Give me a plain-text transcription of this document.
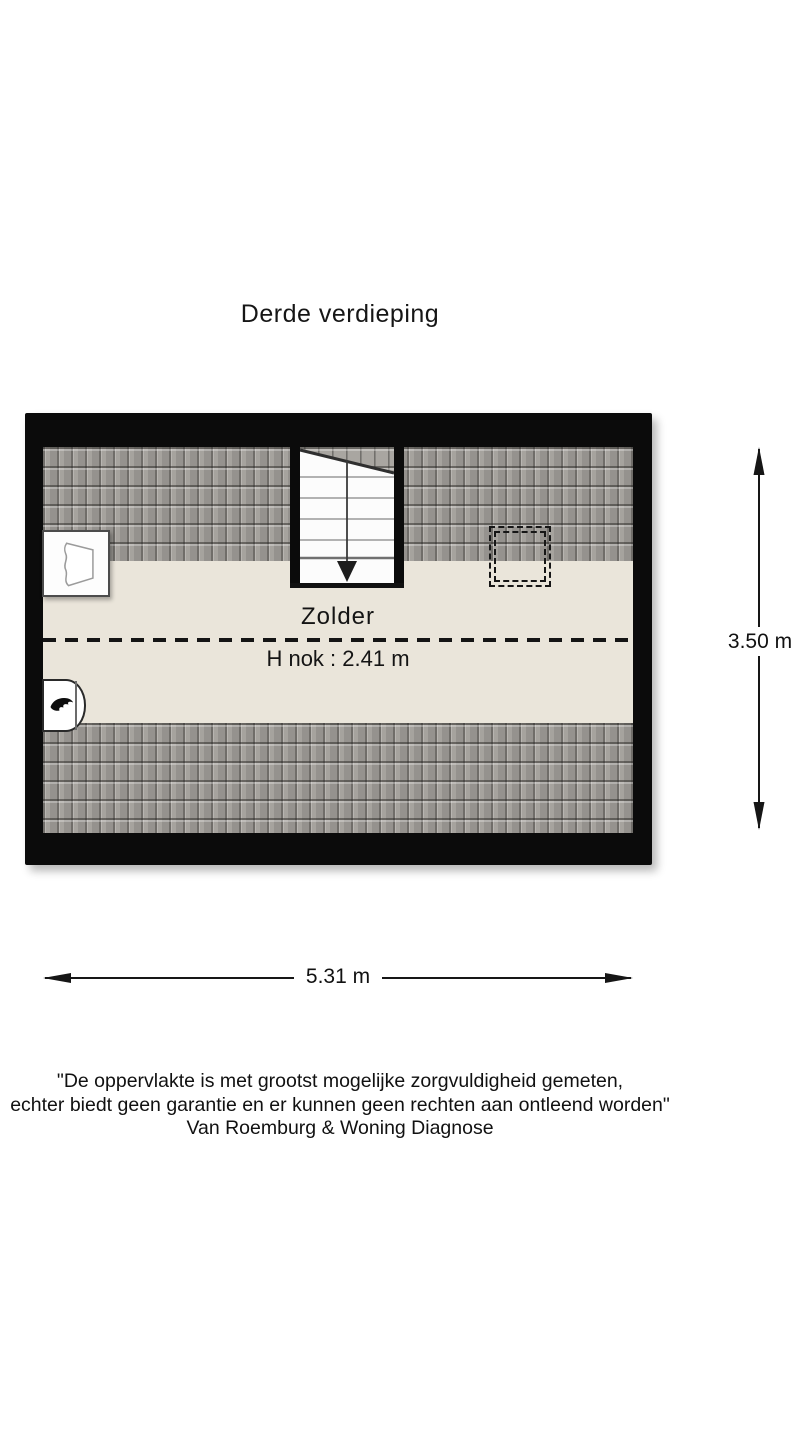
Derde verdieping
Zolder
H nok : 2.41 m
5.31 m
3.50 m
"De oppervlakte is met grootst mogelijke zorgvuldigheid gemeten,
echter biedt geen garantie en er kunnen geen rechten aan ontleend worden"
Van Roemburg & Woning Diagnose
